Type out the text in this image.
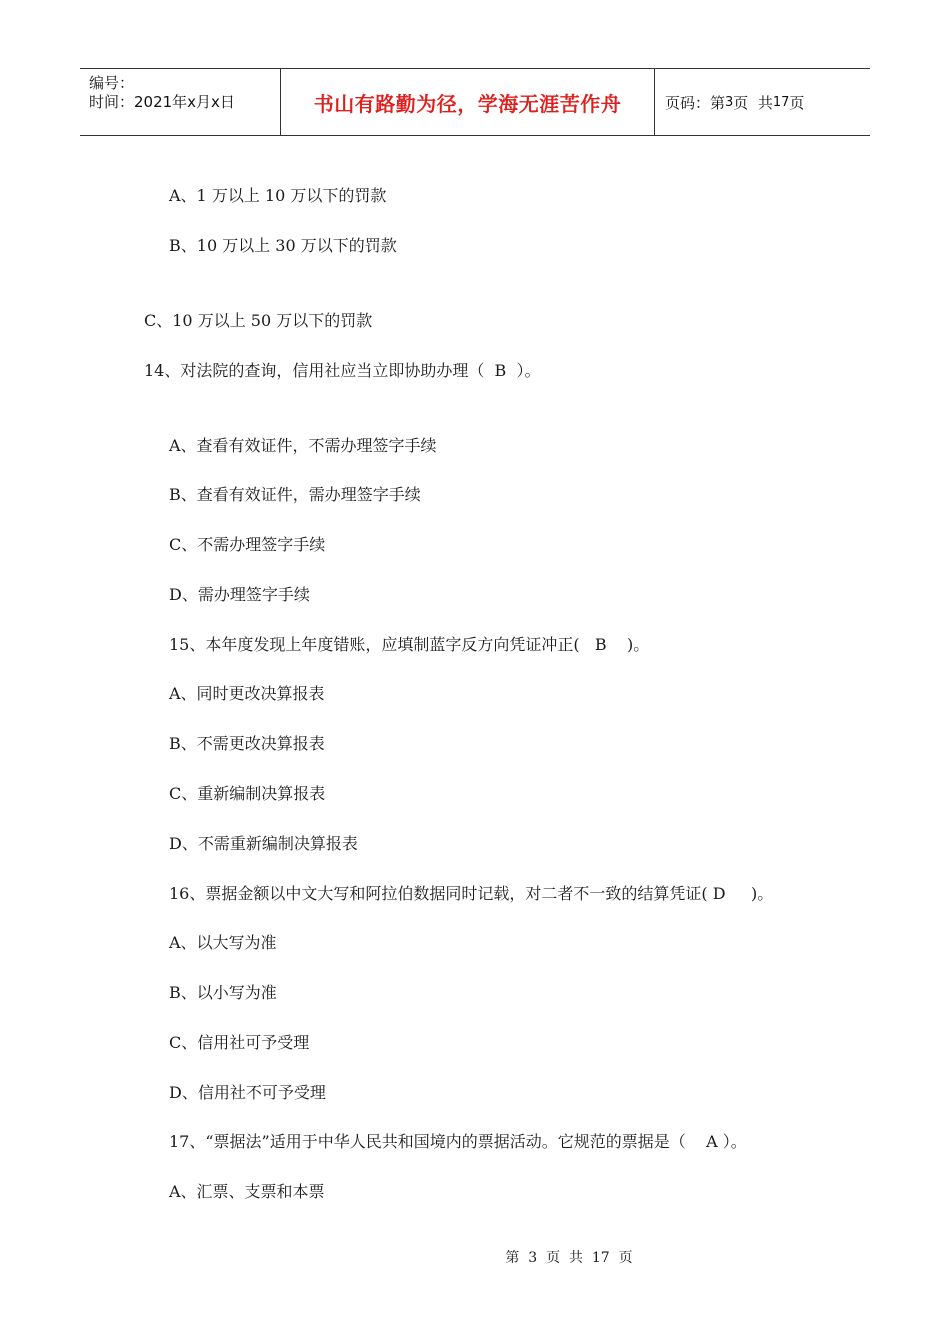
编号：
时间：2021年x月x日	书山有路勤为径，学海无涯苦作舟	页码：第 3 页  共 17 页
A、1 万以上 10 万以下的罚款
B、10 万以上 30 万以下的罚款
C、10 万以上 50 万以下的罚款
14、对法院的查询，信用社应当立即协助办理（  B  ）。
A、查看有效证件，不需办理签字手续
B、查看有效证件，需办理签字手续
C、不需办理签字手续
D、需办理签字手续
15、本年度发现上年度错账，应填制蓝字反方向凭证冲正(   B    )。
A、同时更改决算报表
B、不需更改决算报表
C、重新编制决算报表
D、不需重新编制决算报表
16、票据金额以中文大写和阿拉伯数据同时记载，对二者不一致的结算凭证( D     )。
A、以大写为准
B、以小写为准
C、信用社可予受理
D、信用社不可予受理
17、“票据法”适用于中华人民共和国境内的票据活动。它规范的票据是（    A ）。
A、汇票、支票和本票
第  3  页  共  17  页
